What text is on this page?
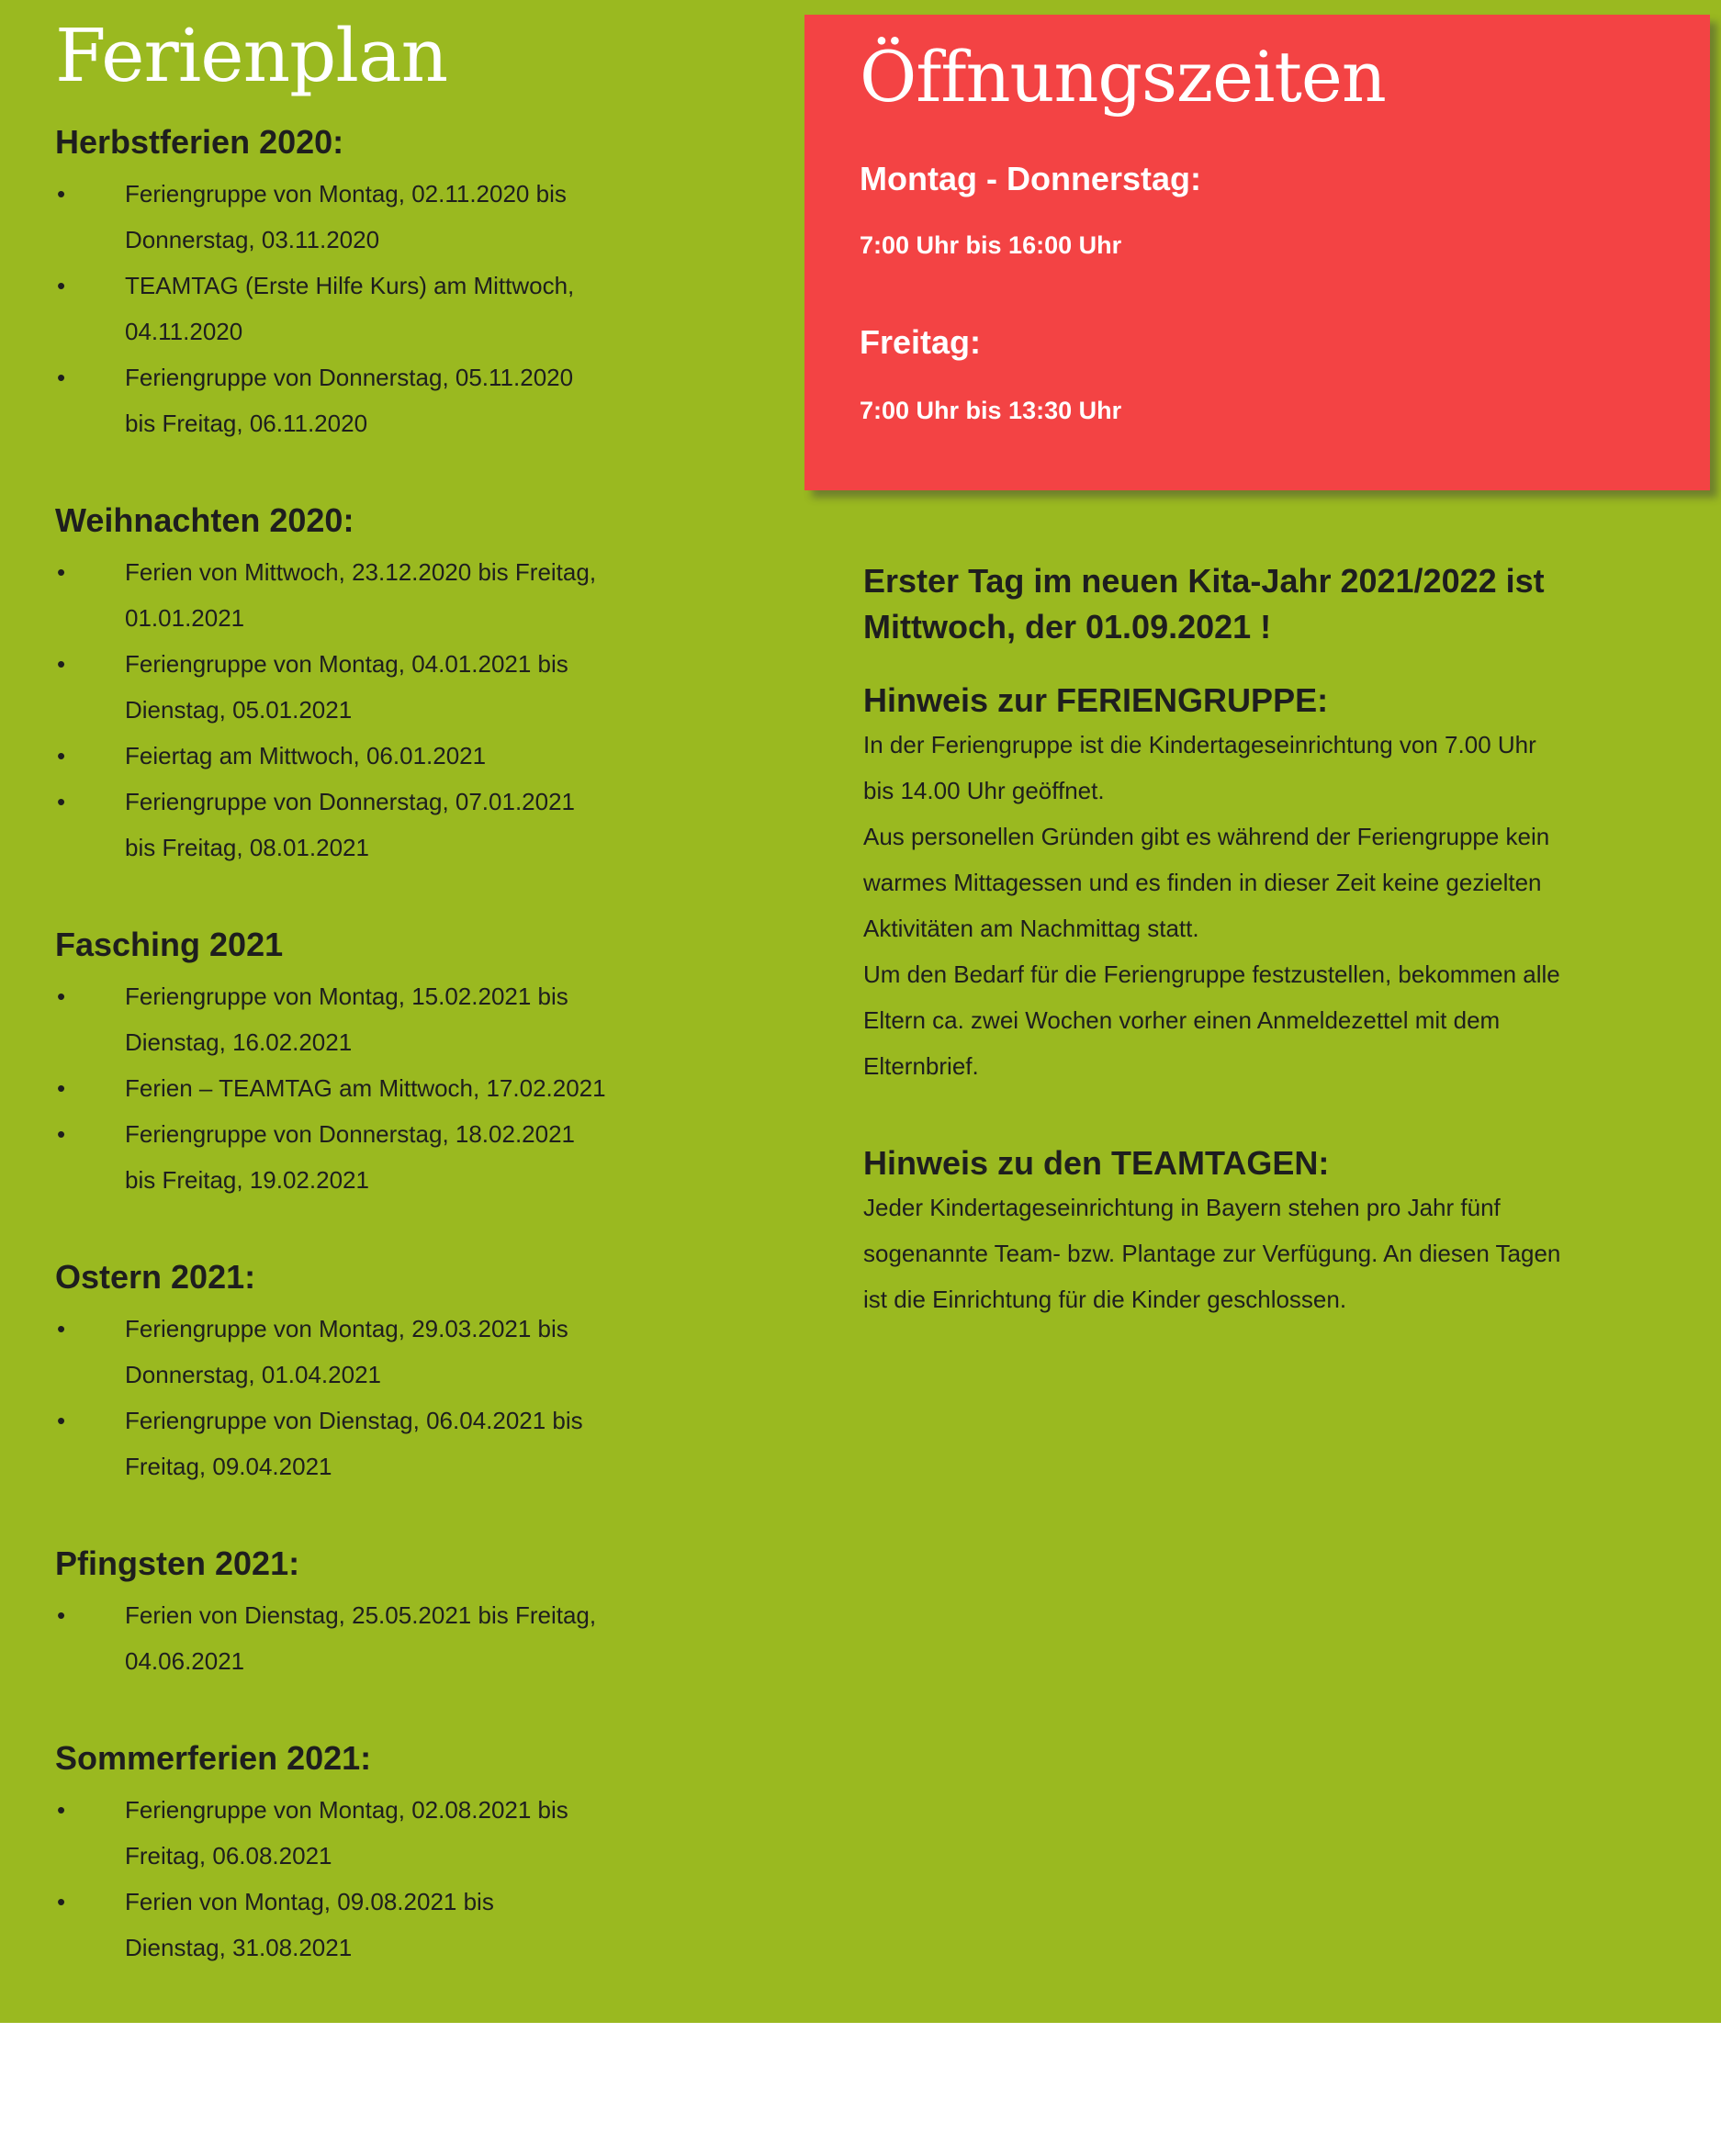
Ferienplan
Herbstferien 2020:
• Feriengruppe von Montag, 02.11.2020 bis
Donnerstag, 03.11.2020
• TEAMTAG (Erste Hilfe Kurs) am Mittwoch,
04.11.2020
• Feriengruppe von Donnerstag, 05.11.2020
bis Freitag, 06.11.2020
Weihnachten 2020:
• Ferien von Mittwoch, 23.12.2020 bis Freitag,
01.01.2021
• Feriengruppe von Montag, 04.01.2021 bis
Dienstag, 05.01.2021
• Feiertag am Mittwoch, 06.01.2021
• Feriengruppe von Donnerstag, 07.01.2021
bis Freitag, 08.01.2021
Fasching 2021
• Feriengruppe von Montag, 15.02.2021 bis
Dienstag, 16.02.2021
• Ferien – TEAMTAG am Mittwoch, 17.02.2021
• Feriengruppe von Donnerstag, 18.02.2021
bis Freitag, 19.02.2021
Ostern 2021:
• Feriengruppe von Montag, 29.03.2021 bis
Donnerstag, 01.04.2021
• Feriengruppe von Dienstag, 06.04.2021 bis
Freitag, 09.04.2021
Pfingsten 2021:
• Ferien von Dienstag, 25.05.2021 bis Freitag,
04.06.2021
Sommerferien 2021:
• Feriengruppe von Montag, 02.08.2021 bis
Freitag, 06.08.2021
• Ferien von Montag, 09.08.2021 bis
Dienstag, 31.08.2021
Öffnungszeiten

Montag - Donnerstag:

7:00 Uhr bis 16:00 Uhr

Freitag:

7:00 Uhr bis 13:30 Uhr

Erster Tag im neuen Kita-Jahr 2021/2022 ist
Mittwoch, der 01.09.2021 !

Hinweis zur FERIENGRUPPE:

In der Feriengruppe ist die Kindertageseinrichtung von 7.00 Uhr

bis 14.00 Uhr geöffnet.

Aus personellen Gründen gibt es während der Feriengruppe kein

warmes Mittagessen und es finden in dieser Zeit keine gezielten

Aktivitäten am Nachmittag statt.

Um den Bedarf für die Feriengruppe festzustellen, bekommen alle

Eltern ca. zwei Wochen vorher einen Anmeldezettel mit dem

Elternbrief.

Hinweis zu den TEAMTAGEN:

Jeder Kindertageseinrichtung in Bayern stehen pro Jahr fünf

sogenannte Team- bzw. Plantage zur Verfügung. An diesen Tagen

ist die Einrichtung für die Kinder geschlossen.
